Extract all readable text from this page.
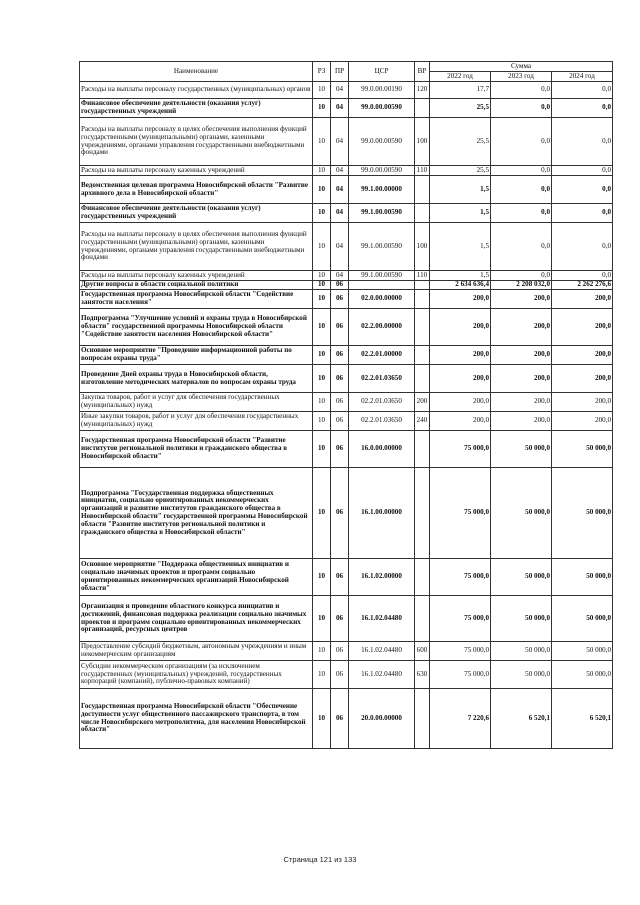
Наименование	РЗ	ПР	ЦСР	ВР	Сумма		
					2022 год	2023 год	2024 год
Расходы на выплаты персоналу государственных (муниципальных) органов	10	04	99.0.00.00190	120	17,7	0,0	0,0
Финансовое обеспечение деятельности (оказания услуг) государственных учреждений	10	04	99.0.00.00590		25,5	0,0	0,0
Расходы на выплаты персоналу в целях обеспечения выполнения функций государственными (муниципальными) органами, казенными учреждениями, органами управления государственными внебюджетными фондами	10	04	99.0.00.00590	100	25,5	0,0	0,0
Расходы на выплаты персоналу казенных учреждений	10	04	99.0.00.00590	110	25,5	0,0	0,0
Ведомственная целевая программа Новосибирской области "Развитие архивного дела в Новосибирской области"	10	04	99.1.00.00000		1,5	0,0	0,0
Финансовое обеспечение деятельности (оказания услуг) государственных учреждений	10	04	99.1.00.00590		1,5	0,0	0,0
Расходы на выплаты персоналу в целях обеспечения выполнения функций государственными (муниципальными) органами, казенными учреждениями, органами управления государственными внебюджетными фондами	10	04	99.1.00.00590	100	1,5	0,0	0,0
Расходы на выплаты персоналу казенных учреждений	10	04	99.1.00.00590	110	1,5	0,0	0,0
Другие вопросы в области социальной политики	10	06			2 634 636,4	2 208 032,0	2 262 276,6
Государственная программа Новосибирской области "Содействие занятости населения"	10	06	02.0.00.00000		200,0	200,0	200,0
Подпрограмма "Улучшение условий и охраны труда в Новосибирской области" государственной программы Новосибирской области "Содействие занятости населения Новосибирской области"	10	06	02.2.00.00000		200,0	200,0	200,0
Основное мероприятие "Проведение информационной работы по вопросам охраны труда"	10	06	02.2.01.00000		200,0	200,0	200,0
Проведение Дней охраны труда в Новосибирской области, изготовление методических материалов по вопросам охраны труда	10	06	02.2.01.03650		200,0	200,0	200,0
Закупка товаров, работ и услуг для обеспечения государственных (муниципальных) нужд	10	06	02.2.01.03650	200	200,0	200,0	200,0
Иные закупки товаров, работ и услуг для обеспечения государственных (муниципальных) нужд	10	06	02.2.01.03650	240	200,0	200,0	200,0
Государственная программа Новосибирской области "Развитие институтов региональной политики и гражданского общества в Новосибирской области"	10	06	16.0.00.00000		75 000,0	50 000,0	50 000,0
Подпрограмма "Государственная поддержка общественных инициатив, социально ориентированных некоммерческих организаций и развитие институтов гражданского общества в Новосибирской области" государственной программы Новосибирской области "Развитие институтов региональной политики и гражданского общества в Новосибирской области"	10	06	16.1.00.00000		75 000,0	50 000,0	50 000,0
Основное мероприятие "Поддержка общественных инициатив и социально значимых проектов и программ социально ориентированных некоммерческих организаций Новосибирской области"	10	06	16.1.02.00000		75 000,0	50 000,0	50 000,0
Организация и проведение областного конкурса инициатив и достижений, финансовая поддержка реализации социально значимых проектов и программ социально ориентированных некоммерческих организаций, ресурсных центров	10	06	16.1.02.04480		75 000,0	50 000,0	50 000,0
Предоставление субсидий бюджетным, автономным учреждениям и иным некоммерческим организациям	10	06	16.1.02.04480	600	75 000,0	50 000,0	50 000,0
Субсидии некоммерческим организациям (за исключением государственных (муниципальных) учреждений, государственных корпораций (компаний), публично-правовых компаний)	10	06	16.1.02.04480	630	75 000,0	50 000,0	50 000,0
Государственная программа Новосибирской области "Обеспечение доступности услуг общественного пассажирского транспорта, в том числе Новосибирского метрополитена, для населения Новосибирской области"	10	06	20.0.00.00000		7 220,6	6 520,1	6 520,1
Страница 121 из 133
